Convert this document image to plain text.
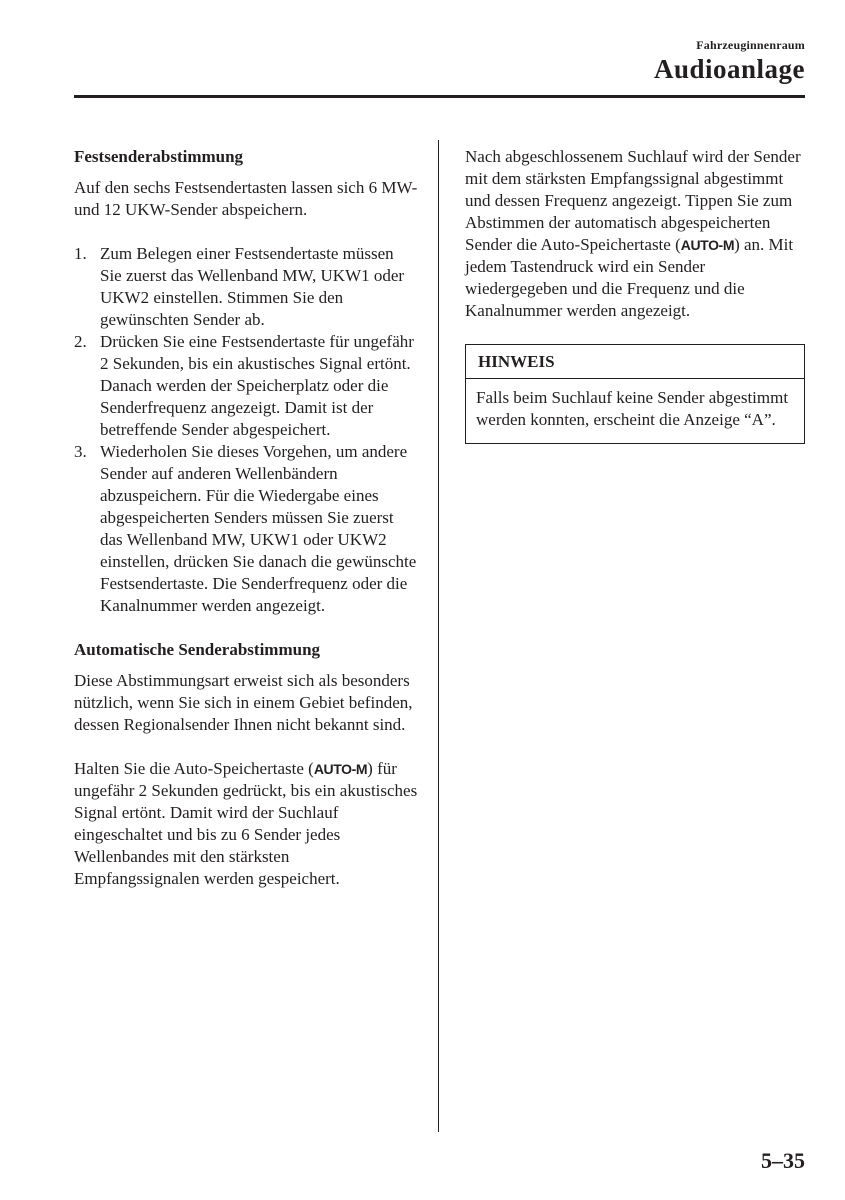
Fahrzeuginnenraum
Audioanlage

Festsenderabstimmung

Auf den sechs Festsendertasten lassen sich 6 MW- und 12 UKW-Sender abspeichern.

1. Zum Belegen einer Festsendertaste müssen Sie zuerst das Wellenband MW, UKW1 oder UKW2 einstellen. Stimmen Sie den gewünschten Sender ab.
2. Drücken Sie eine Festsendertaste für ungefähr 2 Sekunden, bis ein akustisches Signal ertönt. Danach werden der Speicherplatz oder die Senderfrequenz angezeigt. Damit ist der betreffende Sender abgespeichert.
3. Wiederholen Sie dieses Vorgehen, um andere Sender auf anderen Wellenbändern abzuspeichern. Für die Wiedergabe eines abgespeicherten Senders müssen Sie zuerst das Wellenband MW, UKW1 oder UKW2 einstellen, drücken Sie danach die gewünschte Festsendertaste. Die Senderfrequenz oder die Kanalnummer werden angezeigt.

Automatische Senderabstimmung

Diese Abstimmungsart erweist sich als besonders nützlich, wenn Sie sich in einem Gebiet befinden, dessen Regionalsender Ihnen nicht bekannt sind.

Halten Sie die Auto-Speichertaste (AUTO-M) für ungefähr 2 Sekunden gedrückt, bis ein akustisches Signal ertönt. Damit wird der Suchlauf eingeschaltet und bis zu 6 Sender jedes Wellenbandes mit den stärksten Empfangssignalen werden gespeichert.

Nach abgeschlossenem Suchlauf wird der Sender mit dem stärksten Empfangssignal abgestimmt und dessen Frequenz angezeigt. Tippen Sie zum Abstimmen der automatisch abgespeicherten Sender die Auto-Speichertaste (AUTO-M) an. Mit jedem Tastendruck wird ein Sender wiedergegeben und die Frequenz und die Kanalnummer werden angezeigt.

HINWEIS
Falls beim Suchlauf keine Sender abgestimmt werden konnten, erscheint die Anzeige “A”.
5–35
